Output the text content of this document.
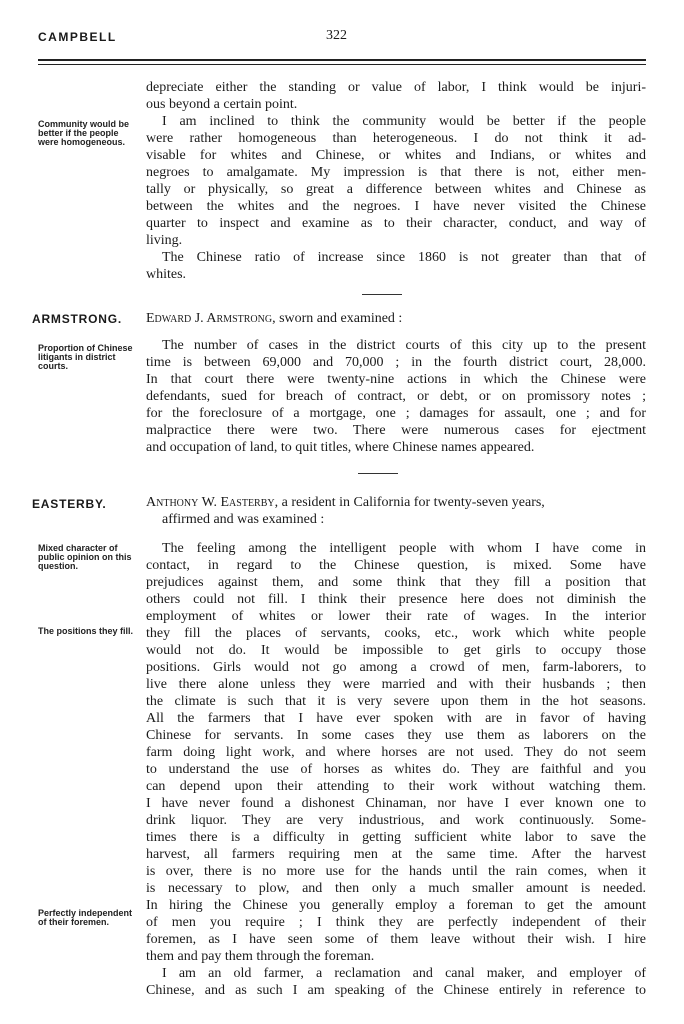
CAMPBELL	322
Community would be better if the people were homogeneous.
depreciate either the standing or value of labor, I think would be injuri-
ous beyond a certain point.
I am inclined to think the community would be better if the people
were rather homogeneous than heterogeneous. I do not think it ad-
visable for whites and Chinese, or whites and Indians, or whites and
negroes to amalgamate. My impression is that there is not, either men-
tally or physically, so great a difference between whites and Chinese as
between the whites and the negroes. I have never visited the Chinese
quarter to inspect and examine as to their character, conduct, and way of
living.
The Chinese ratio of increase since 1860 is not greater than that of
whites.
ARMSTRONG. Edward J. Armstrong, sworn and examined :
Proportion of Chinese litigants in district courts.
The number of cases in the district courts of this city up to the present
time is between 69,000 and 70,000 ; in the fourth district court, 28,000.
In that court there were twenty-nine actions in which the Chinese were
defendants, sued for breach of contract, or debt, or on promissory notes ;
for the foreclosure of a mortgage, one ; damages for assault, one ; and for
malpractice there were two. There were numerous cases for ejectment
and occupation of land, to quit titles, where Chinese names appeared.
EASTERBY.	Anthony W. Easterby, a resident in California for twenty-seven years,
affirmed and was examined :
Mixed character of public opinion on this question.
The positions they fill.
Perfectly independent of their foremen.
The feeling among the intelligent people with whom I have come in
contact, in regard to the Chinese question, is mixed. Some have
prejudices against them, and some think that they fill a position that
others could not fill. I think their presence here does not diminish the
employment of whites or lower their rate of wages. In the interior
they fill the places of servants, cooks, etc., work which white people
would not do. It would be impossible to get girls to occupy those
positions. Girls would not go among a crowd of men, farm-laborers, to
live there alone unless they were married and with their husbands ; then
the climate is such that it is very severe upon them in the hot seasons.
All the farmers that I have ever spoken with are in favor of having
Chinese for servants. In some cases they use them as laborers on the
farm doing light work, and where horses are not used. They do not seem
to understand the use of horses as whites do. They are faithful and you
can depend upon their attending to their work without watching them.
I have never found a dishonest Chinaman, nor have I ever known one to
drink liquor. They are very industrious, and work continuously. Some-
times there is a difficulty in getting sufficient white labor to save the
harvest, all farmers requiring men at the same time. After the harvest
is over, there is no more use for the hands until the rain comes, when it
is necessary to plow, and then only a much smaller amount is needed.
In hiring the Chinese you generally employ a foreman to get the amount
of men you require ; I think they are perfectly independent of their
foremen, as I have seen some of them leave without their wish. I hire
them and pay them through the foreman.
I am an old farmer, a reclamation and canal maker, and employer of
Chinese, and as such I am speaking of the Chinese entirely in reference to
